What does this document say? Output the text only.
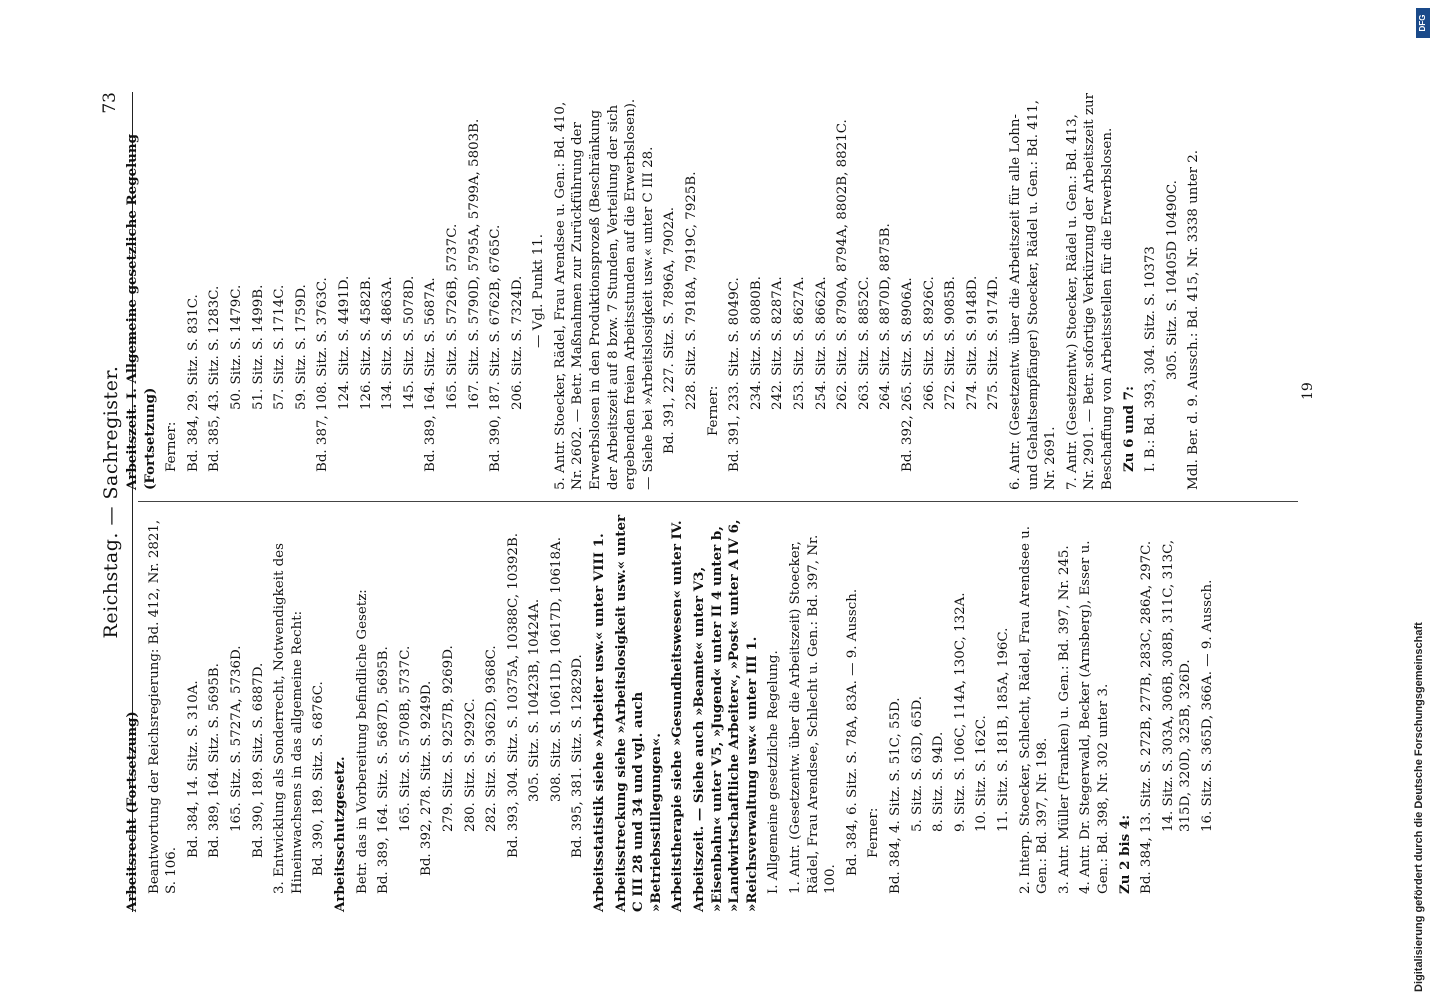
Reichstag. — Sachregister.
73
Arbeitsrecht (Fortsetzung) Beantwortung der Reichsregierung: Bd. 412, Nr. 2821, S. 106.
Bd. 384, 14. Sitz. S. 310A. Bd. 389, 164. Sitz. S. 5695B. 165. Sitz. S. 5727A, 5736D. Bd. 390, 189. Sitz. S. 6887D. 3. Entwicklung als Sonderrecht, Notwendigkeit des Hineinwachsens in das allgemeine Recht: Bd. 390, 189. Sitz. S. 6876C. Arbeitsschutzgesetz. Betr. das in Vorbereitung befindliche Gesetz: Bd. 389, 164. Sitz. S. 5687D, 5695B. 165. Sitz. S. 5708B, 5737C. Bd. 392, 278. Sitz. S. 9249D. 279. Sitz. S. 9257B, 9269D. 280. Sitz. S. 9292C. 282. Sitz. S. 9362D, 9368C. Bd. 393, 304. Sitz. S. 10375A, 10388C, 10392B. 305. Sitz. S. 10423B, 10424A. 308. Sitz. S. 10611D, 10617D, 10618A. Bd. 395, 381. Sitz. S. 12829D. Arbeitsstatistik siehe »Arbeiter usw.« unter VIII 1. Arbeitsstreckung siehe »Arbeitslosigkeit usw.« unter C III 28 und 34 und vgl. auch »Betriebsstillegungen«. Arbeitstherapie siehe »Gesundheitswesen« unter IV. Arbeitszeit. — Siehe auch »Beamte« unter V3, »Eisenbahn« unter V5, »Jugend« unter II 4 unter b, »Landwirtschaftliche Arbeiter«, »Post« unter A IV 6, »Reichsverwaltung usw.« unter III 1. I. Allgemeine gesetzliche Regelung. 1. Antr. (Gesetzentw. über die Arbeitszeit) Stoecker, Rädel, Frau Arendsee, Schlecht u. Gen.: Bd. 397, Nr. 100.
Bd. 384, 6. Sitz. S. 78A, 83A. — 9. Aussch. Ferner: Bd. 384, 4. Sitz. S. 51C, 55D. 5. Sitz. S. 63D, 65D. 8. Sitz. S. 94D. 9. Sitz. S. 106C, 114A, 130C, 132A. 10. Sitz. S. 162C. 11. Sitz. S. 181B, 185A, 196C. 2. Interp. Stoecker, Schlecht, Rädel, Frau Arendsee u. Gen.: Bd. 397, Nr. 198. 3. Antr. Müller (Franken) u. Gen.: Bd. 397, Nr. 245. 4. Antr. Dr. Stegerwald, Becker (Arnsberg), Esser u. Gen.: Bd. 398, Nr. 302 unter 3. Zu 2 bis 4: Bd. 384, 13. Sitz. S. 272B, 277B, 283C, 286A, 297C. 14. Sitz. S. 303A, 306B, 308B, 311C, 313C, 315D, 320D, 325B, 326D. 16. Sitz. S. 365D, 366A. — 9. Aussch.
Arbeitszeit. I. Allgemeine gesetzliche Regelung (Fortsetzung) Ferner: Bd. 384, 29. Sitz. S. 831C. Bd. 385, 43. Sitz. S. 1283C. 50. Sitz. S. 1479C. 51. Sitz. S. 1499B. 57. Sitz. S. 1714C. 59. Sitz. S. 1759D. Bd. 387, 108. Sitz. S. 3763C. 124. Sitz. S. 4491D. 126. Sitz. S. 4582B. 134. Sitz. S. 4863A. 145. Sitz. S. 5078D. Bd. 389, 164. Sitz. S. 5687A. 165. Sitz. S. 5726B, 5737C. 167. Sitz. S. 5790D, 5795A, 5799A, 5803B. Bd. 390, 187. Sitz. S. 6762B, 6765C. 206. Sitz. S. 7324D. — Vgl. Punkt 11. 5. Antr. Stoecker, Rädel, Frau Arendsee u. Gen.: Bd. 410, Nr. 2602. — Betr. Maßnahmen zur Zurückführung der Erwerbslosen in den Produktionsprozeß (Beschränkung der Arbeitszeit auf 8 bzw. 7 Stunden, Verteilung der sich ergebenden freien Arbeitsstunden auf die Erwerbslosen). — Siehe bei »Arbeitslosigkeit usw.« unter C III 28. Bd. 391, 227. Sitz. S. 7896A, 7902A. 228. Sitz. S. 7918A, 7919C, 7925B.
Ferner: Bd. 391, 233. Sitz. S. 8049C. 234. Sitz. S. 8080B. 242. Sitz. S. 8287A. 253. Sitz. S. 8627A. 254. Sitz. S. 8662A. 262. Sitz. S. 8790A, 8794A, 8802B, 8821C. 263. Sitz. S. 8852C. 264. Sitz. S. 8870D, 8875B. Bd. 392, 265. Sitz. S. 8906A. 266. Sitz. S. 8926C. 272. Sitz. S. 9085B. 274. Sitz. S. 9148D. 275. Sitz. S. 9174D. 6. Antr. (Gesetzentw. über die Arbeitszeit für alle Lohn- und Gehaltsempfänger) Stoecker, Rädel u. Gen.: Bd. 411, Nr. 2691. 7. Antr. (Gesetzentw.) Stoecker, Rädel u. Gen.: Bd. 413, Nr. 2901. — Betr. sofortige Verkürzung der Arbeitszeit zur Beschaffung von Arbeitsstellen für die Erwerbslosen. Zu 6 und 7: I. B.: Bd. 393, 304. Sitz. S. 10373 305. Sitz. S. 10405D 10490C. Mdl. Ber. d. 9. Aussch.: Bd. 415, Nr. 3338 unter 2.	19
Digitalisierung gefördert durch die Deutsche Forschungsgemeinschaft
DFG
